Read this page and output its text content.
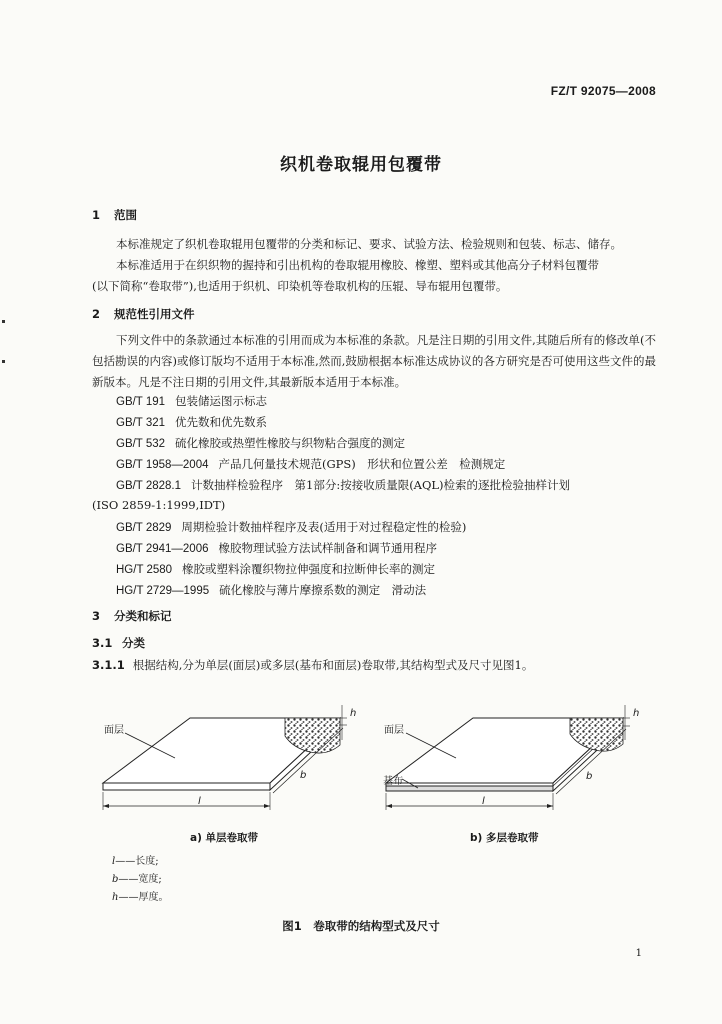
FZ/T 92075—2008
织机卷取辊用包覆带
1 范围
本标准规定了织机卷取辊用包覆带的分类和标记、要求、试验方法、检验规则和包装、标志、储存。
本标准适用于在织织物的握持和引出机构的卷取辊用橡胶、橡塑、塑料或其他高分子材料包覆带
(以下简称“卷取带”),也适用于织机、印染机等卷取机构的压辊、导布辊用包覆带。
2 规范性引用文件
下列文件中的条款通过本标准的引用而成为本标准的条款。凡是注日期的引用文件,其随后所有的修改单(不包括勘误的内容)或修订版均不适用于本标准,然而,鼓励根据本标准达成协议的各方研究是否可使用这些文件的最新版本。凡是不注日期的引用文件,其最新版本适用于本标准。
GB/T 191 包装储运图示标志
GB/T 321 优先数和优先数系
GB/T 532 硫化橡胶或热塑性橡胶与织物粘合强度的测定
GB/T 1958—2004 产品几何量技术规范(GPS)　形状和位置公差　检测规定
GB/T 2828.1 计数抽样检验程序　第1部分:按接收质量限(AQL)检索的逐批检验抽样计划
(ISO 2859-1:1999,IDT)
GB/T 2829 周期检验计数抽样程序及表(适用于对过程稳定性的检验)
GB/T 2941—2006 橡胶物理试验方法试样制备和调节通用程序
HG/T 2580 橡胶或塑料涂覆织物拉伸强度和拉断伸长率的测定
HG/T 2729—1995 硫化橡胶与薄片摩擦系数的测定　滑动法
3 分类和标记
3.1 分类
3.1.1 根据结构,分为单层(面层)或多层(基布和面层)卷取带,其结构型式及尺寸见图1。
面层
l
b
h
a) 单层卷取带
面层
基布
l
b
h
b) 多层卷取带
l——长度;
b——宽度;
h——厚度。
图1　卷取带的结构型式及尺寸
1
